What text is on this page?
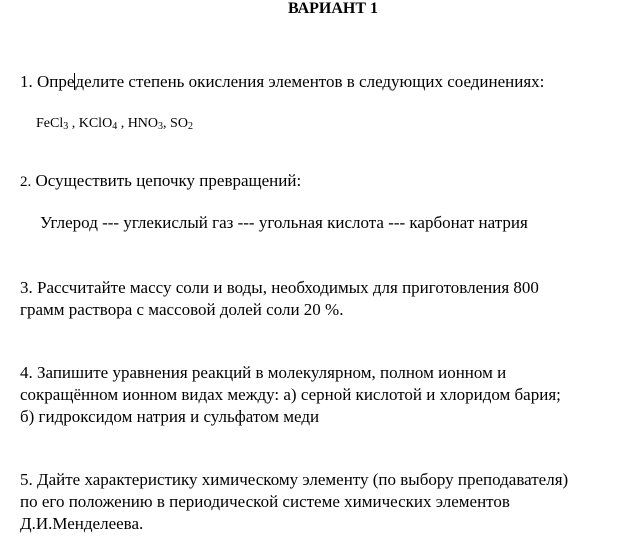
ВАРИАНТ 1
1. Определите степень окисления элементов в следующих соединениях:
FeCl$_3$ , KClO$_4$ , $HNO_3$, $SO_2$
2. Осуществить цепочку превращений:
Углерод --- углекислый газ --- угольная кислота --- карбонат натрия
3. Рассчитайте массу соли и воды, необходимых для приготовления 800
грамм раствора с массовой долей соли 20 %.
4. Запишите уравнения реакций в молекулярном, полном ионном и
сокращённом ионном видах между: а) серной кислотой и хлоридом бария;
б) гидроксидом натрия и сульфатом меди
5. Дайте характеристику химическому элементу (по выбору преподавателя)
по его положению в периодической системе химических элементов
Д.И.Менделеева.
